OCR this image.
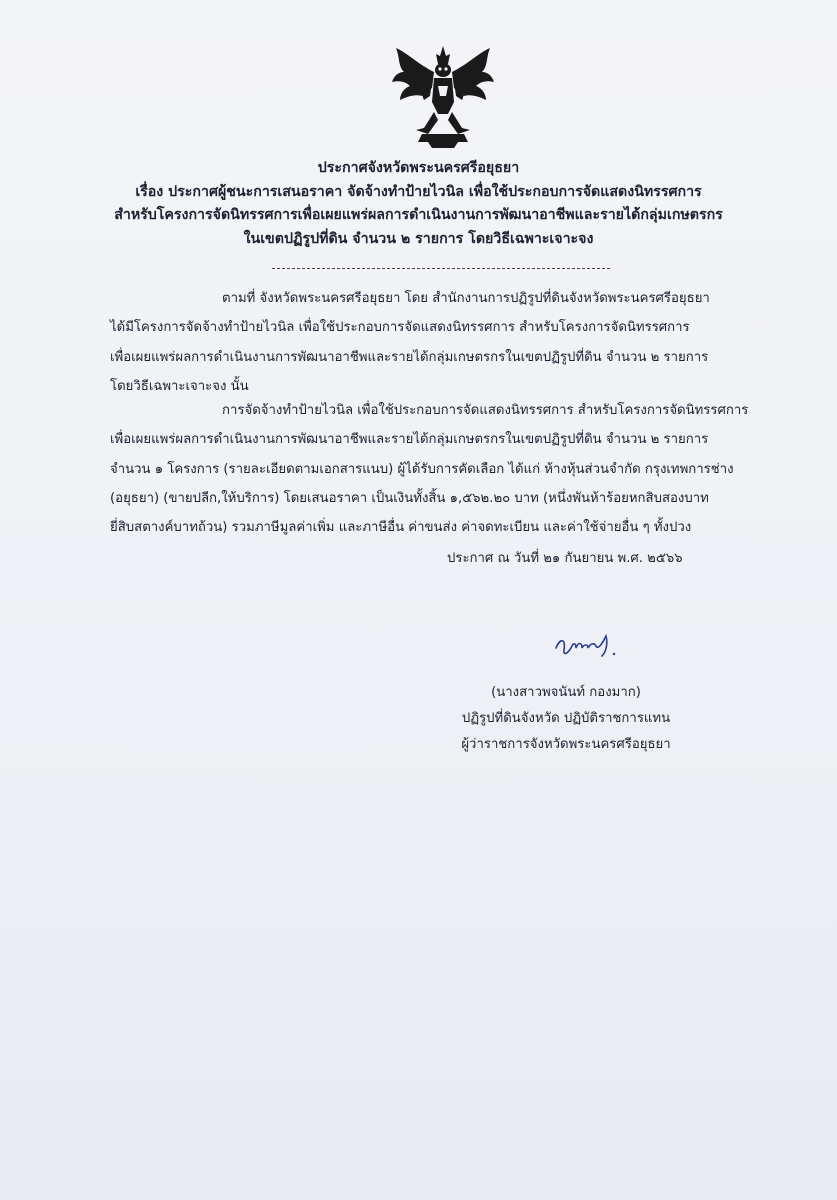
ประกาศจังหวัดพระนครศรีอยุธยา
เรื่อง ประกาศผู้ชนะการเสนอราคา จัดจ้างทำป้ายไวนิล เพื่อใช้ประกอบการจัดแสดงนิทรรศการ
สำหรับโครงการจัดนิทรรศการเพื่อเผยแพร่ผลการดำเนินงานการพัฒนาอาชีพและรายได้กลุ่มเกษตรกร
ในเขตปฏิรูปที่ดิน จำนวน ๒ รายการ โดยวิธีเฉพาะเจาะจง
ตามที่ จังหวัดพระนครศรีอยุธยา โดย สำนักงานการปฏิรูปที่ดินจังหวัดพระนครศรีอยุธยา
ได้มีโครงการจัดจ้างทำป้ายไวนิล เพื่อใช้ประกอบการจัดแสดงนิทรรศการ สำหรับโครงการจัดนิทรรศการ
เพื่อเผยแพร่ผลการดำเนินงานการพัฒนาอาชีพและรายได้กลุ่มเกษตรกรในเขตปฏิรูปที่ดิน จำนวน ๒ รายการ
โดยวิธีเฉพาะเจาะจง นั้น
การจัดจ้างทำป้ายไวนิล เพื่อใช้ประกอบการจัดแสดงนิทรรศการ สำหรับโครงการจัดนิทรรศการ
เพื่อเผยแพร่ผลการดำเนินงานการพัฒนาอาชีพและรายได้กลุ่มเกษตรกรในเขตปฏิรูปที่ดิน จำนวน ๒ รายการ
จำนวน ๑ โครงการ (รายละเอียดตามเอกสารแนบ) ผู้ได้รับการคัดเลือก ได้แก่ ห้างหุ้นส่วนจำกัด กรุงเทพการช่าง
(อยุธยา) (ขายปลีก,ให้บริการ) โดยเสนอราคา เป็นเงินทั้งสิ้น ๑,๕๖๒.๒๐ บาท (หนึ่งพันห้าร้อยหกสิบสองบาท
ยี่สิบสตางค์บาทถ้วน) รวมภาษีมูลค่าเพิ่ม และภาษีอื่น ค่าขนส่ง ค่าจดทะเบียน และค่าใช้จ่ายอื่น ๆ ทั้งปวง
ประกาศ ณ วันที่ ๒๑ กันยายน พ.ศ. ๒๕๖๖
(นางสาวพจนันท์ กองมาก)
ปฏิรูปที่ดินจังหวัด ปฏิบัติราชการแทน
ผู้ว่าราชการจังหวัดพระนครศรีอยุธยา
